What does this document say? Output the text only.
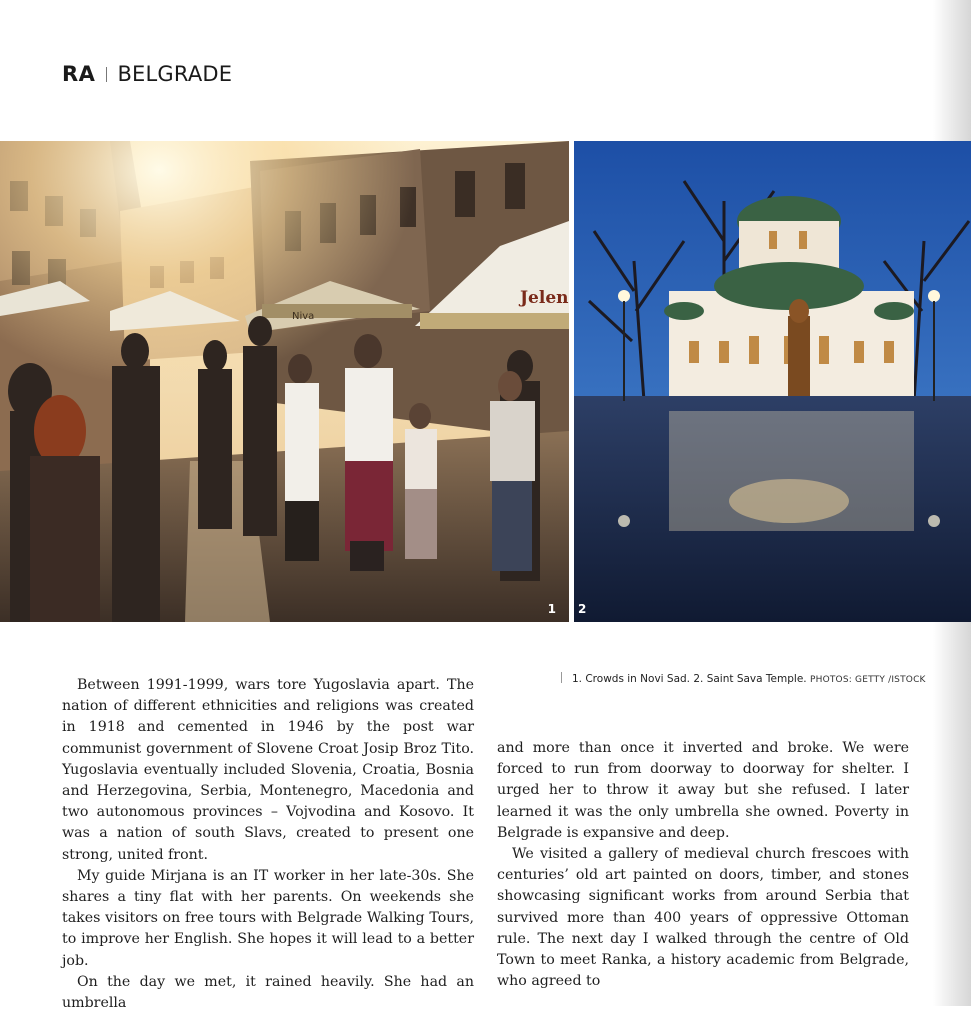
RA BELGRADE
Jelen
Niva
1 2
1. Crowds in Novi Sad. 2. Saint Sava Temple. PHOTOS: GETTY /ISTOCK

Between 1991-1999, wars tore Yugoslavia apart. The nation of different ethnicities and religions was created in 1918 and cemented in 1946 by the post war communist government of Slovene Croat Josip Broz Tito. Yugoslavia eventually included Slovenia, Croatia, Bosnia and Herzegovina, Serbia, Montenegro, Macedonia and two autonomous provinces – Vojvodina and Kosovo. It was a nation of south Slavs, created to present one strong, united front.

My guide Mirjana is an IT worker in her late-30s. She shares a tiny flat with her parents. On weekends she takes visitors on free tours with Belgrade Walking Tours, to improve her English. She hopes it will lead to a better job.

On the day we met, it rained heavily. She had an umbrella

and more than once it inverted and broke. We were forced to run from doorway to doorway for shelter. I urged her to throw it away but she refused. I later learned it was the only umbrella she owned. Poverty in Belgrade is expansive and deep.

We visited a gallery of medieval church frescoes with centuries’ old art painted on doors, timber, and stones showcasing significant works from around Serbia that survived more than 400 years of oppressive Ottoman rule. The next day I walked through the centre of Old Town to meet Ranka, a history academic from Belgrade, who agreed to
